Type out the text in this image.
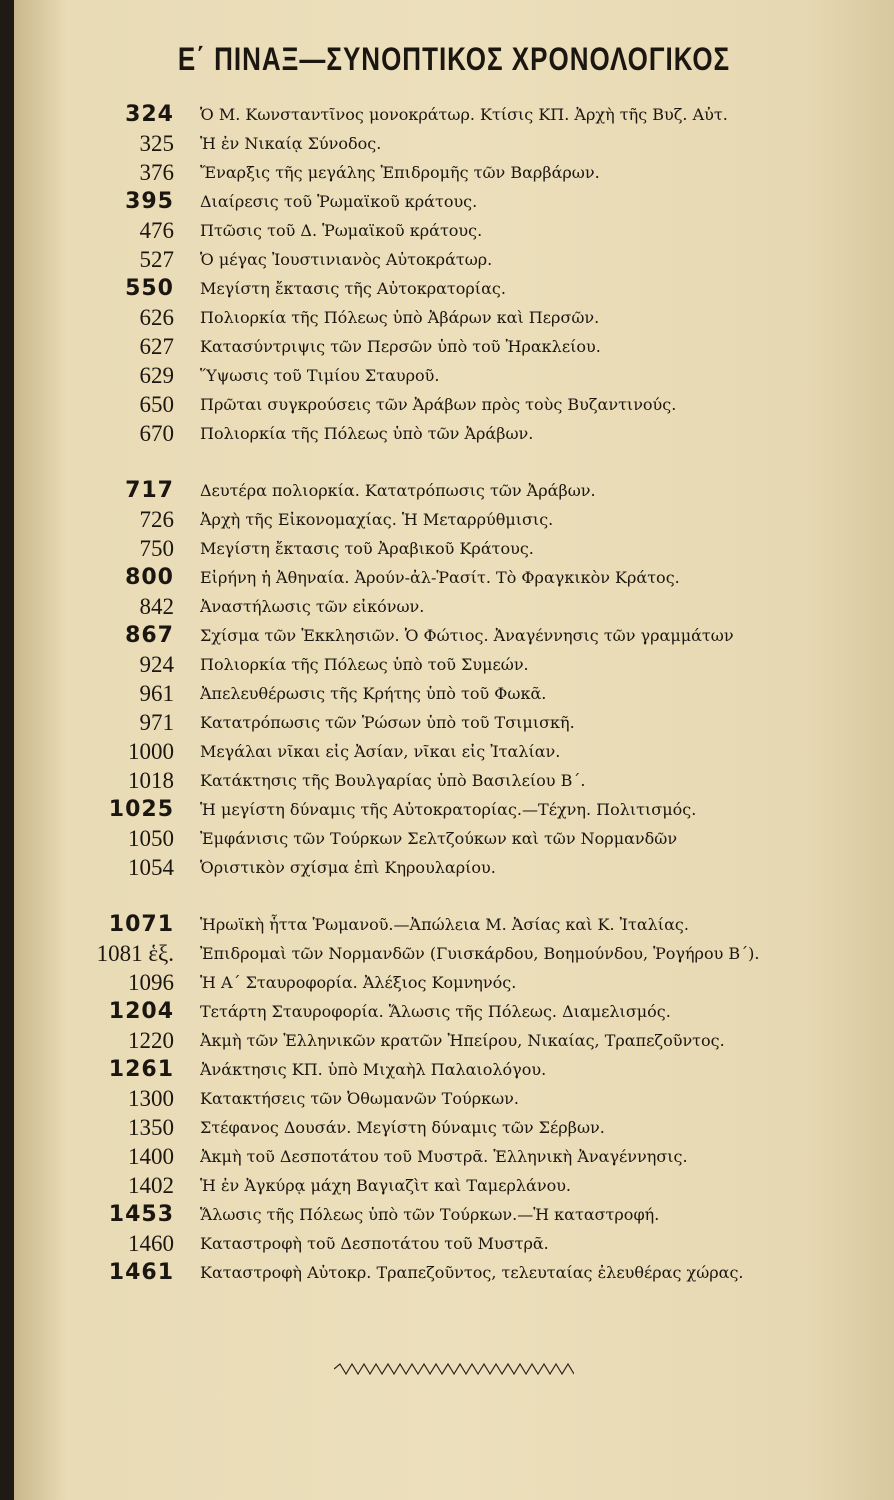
Ε΄ ΠΙΝΑΞ—ΣΥΝΟΠΤΙΚΟΣ ΧΡΟΝΟΛΟΓΙΚΟΣ
324 Ὁ Μ. Κωνσταντῖνος μονοκράτωρ. Κτίσις ΚΠ. Ἀρχὴ τῆς Βυζ. Αὐτ.
325 Ἡ ἐν Νικαίᾳ Σύνοδος.
376 Ἔναρξις τῆς μεγάλης Ἐπιδρομῆς τῶν Βαρβάρων.
395 Διαίρεσις τοῦ Ῥωμαϊκοῦ κράτους.
476 Πτῶσις τοῦ Δ. Ῥωμαϊκοῦ κράτους.
527 Ὁ μέγας Ἰουστινιανὸς Αὐτοκράτωρ.
550 Μεγίστη ἔκτασις τῆς Αὐτοκρατορίας.
626 Πολιορκία τῆς Πόλεως ὑπὸ Ἀβάρων καὶ Περσῶν.
627 Κατασύντριψις τῶν Περσῶν ὑπὸ τοῦ Ἡρακλείου.
629 Ὕψωσις τοῦ Τιμίου Σταυροῦ.
650 Πρῶται συγκρούσεις τῶν Ἀράβων πρὸς τοὺς Βυζαντινούς.
670 Πολιορκία τῆς Πόλεως ὑπὸ τῶν Ἀράβων.
717 Δευτέρα πολιορκία. Κατατρόπωσις τῶν Ἀράβων.
726 Ἀρχὴ τῆς Εἰκονομαχίας. Ἡ Μεταρρύθμισις.
750 Μεγίστη ἔκτασις τοῦ Ἀραβικοῦ Κράτους.
800 Εἰρήνη ἡ Ἀθηναία. Ἀρούν-ἀλ-Ῥασίτ. Τὸ Φραγκικὸν Κράτος.
842 Ἀναστήλωσις τῶν εἰκόνων.
867 Σχίσμα τῶν Ἐκκλησιῶν. Ὁ Φώτιος. Ἀναγέννησις τῶν γραμμάτων
924 Πολιορκία τῆς Πόλεως ὑπὸ τοῦ Συμεών.
961 Ἀπελευθέρωσις τῆς Κρήτης ὑπὸ τοῦ Φωκᾶ.
971 Κατατρόπωσις τῶν Ῥώσων ὑπὸ τοῦ Τσιμισκῆ.
1000 Μεγάλαι νῖκαι εἰς Ἀσίαν, νῖκαι εἰς Ἰταλίαν.
1018 Κατάκτησις τῆς Βουλγαρίας ὑπὸ Βασιλείου Β΄.
1025 Ἡ μεγίστη δύναμις τῆς Αὐτοκρατορίας.—Τέχνη. Πολιτισμός.
1050 Ἐμφάνισις τῶν Τούρκων Σελτζούκων καὶ τῶν Νορμανδῶν
1054 Ὁριστικὸν σχίσμα ἐπὶ Κηρουλαρίου.
1071 Ἡρωϊκὴ ἧττα Ῥωμανοῦ.—Ἀπώλεια Μ. Ἀσίας καὶ Κ. Ἰταλίας.
1081 ἑξ. Ἐπιδρομαὶ τῶν Νορμανδῶν (Γυισκάρδου, Βοημούνδου, Ῥογήρου Β΄).
1096 Ἡ Α΄ Σταυροφορία. Ἀλέξιος Κομνηνός.
1204 Τετάρτη Σταυροφορία. Ἅλωσις τῆς Πόλεως. Διαμελισμός.
1220 Ἀκμὴ τῶν Ἑλληνικῶν κρατῶν Ἠπείρου, Νικαίας, Τραπεζοῦντος.
1261 Ἀνάκτησις ΚΠ. ὑπὸ Μιχαὴλ Παλαιολόγου.
1300 Κατακτήσεις τῶν Ὀθωμανῶν Τούρκων.
1350 Στέφανος Δουσάν. Μεγίστη δύναμις τῶν Σέρβων.
1400 Ἀκμὴ τοῦ Δεσποτάτου τοῦ Μυστρᾶ. Ἑλληνικὴ Ἀναγέννησις.
1402 Ἡ ἐν Ἀγκύρᾳ μάχη Βαγιαζὶτ καὶ Ταμερλάνου.
1453 Ἅλωσις τῆς Πόλεως ὑπὸ τῶν Τούρκων.—Ἡ καταστροφή.
1460 Καταστροφὴ τοῦ Δεσποτάτου τοῦ Μυστρᾶ.
1461 Καταστροφὴ Αὐτοκρ. Τραπεζοῦντος, τελευταίας ἐλευθέρας χώρας.
